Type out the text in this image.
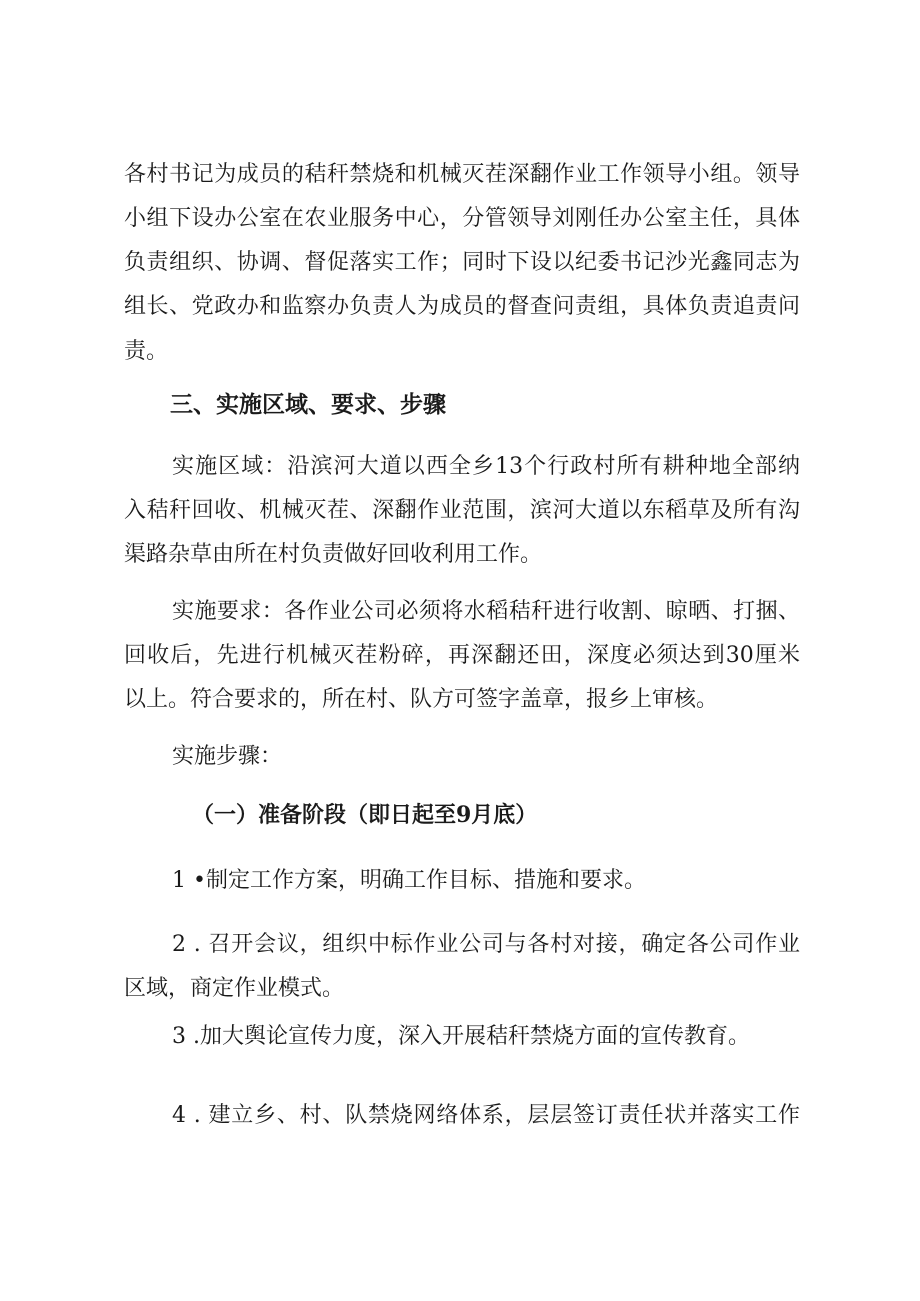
各村书记为成员的秸秆禁烧和机械灭茬深翻作业工作领导小组。领导
小组下设办公室在农业服务中心，分管领导刘刚任办公室主任，具体
负责组织、协调、督促落实工作；同时下设以纪委书记沙光鑫同志为
组长、党政办和监察办负责人为成员的督查问责组，具体负责追责问
责。
三、实施区域、要求、步骤
实施区域：沿滨河大道以西全乡13个行政村所有耕种地全部纳
入秸秆回收、机械灭茬、深翻作业范围，滨河大道以东稻草及所有沟
渠路杂草由所在村负责做好回收利用工作。
实施要求：各作业公司必须将水稻秸秆进行收割、晾晒、打捆、
回收后，先进行机械灭茬粉碎，再深翻还田，深度必须达到30厘米
以上。符合要求的，所在村、队方可签字盖章，报乡上审核。
实施步骤：
（一）准备阶段（即日起至9月底）
1 •制定工作方案，明确工作目标、措施和要求。
2 . 召开会议，组织中标作业公司与各村对接，确定各公司作业
区域，商定作业模式。
3 .加大舆论宣传力度，深入开展秸秆禁烧方面的宣传教育。
4 . 建立乡、村、队禁烧网络体系，层层签订责任状并落实工作
